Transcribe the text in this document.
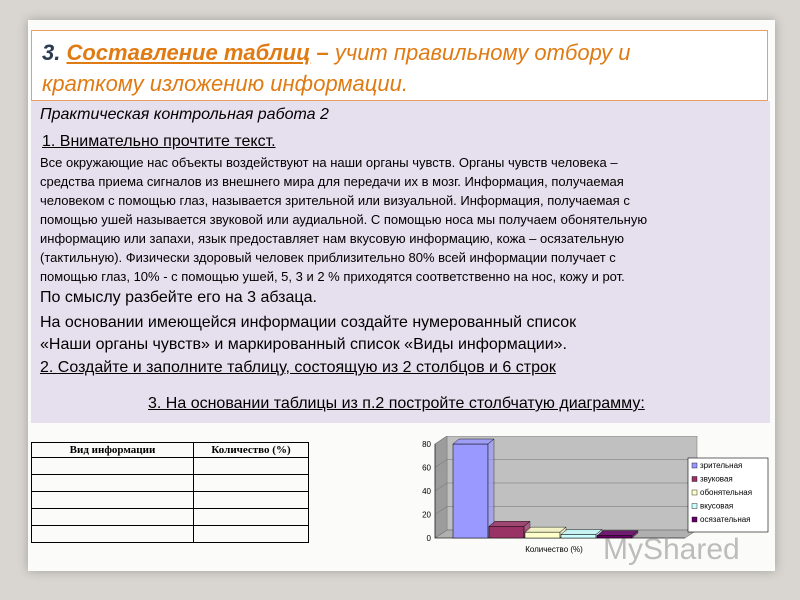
3. Составление таблиц – учит правильному отбору и
краткому изложению информации.
Практическая контрольная работа 2
1. Внимательно прочтите текст.
Все окружающие нас объекты воздействуют на наши органы чувств. Органы чувств человека –
средства приема сигналов из внешнего мира для передачи их в мозг. Информация, получаемая
человеком с помощью глаз, называется зрительной или визуальной. Информация, получаемая с
помощью ушей называется звуковой или аудиальной. С помощью носа мы получаем обонятельную
информацию или запахи, язык предоставляет нам вкусовую информацию, кожа – осязательную
(тактильную). Физически здоровый человек приблизительно 80% всей информации получает с
помощью глаз, 10% - с помощью ушей, 5, 3 и 2 % приходятся соответственно на нос, кожу и рот.
По смыслу разбейте его на 3 абзаца.
На основании имеющейся информации создайте нумерованный список
«Наши органы чувств» и маркированный список «Виды информации».
2. Создайте и заполните таблицу, состоящую из 2 столбцов и 6 строк
3. На основании таблицы из п.2 постройте столбчатую диаграмму:
Вид информации	Количество (%)

0
20
40
60
80
Количество (%)
зрительная
звуковая
обонятельная
вкусовая
осязательная
MyShared
